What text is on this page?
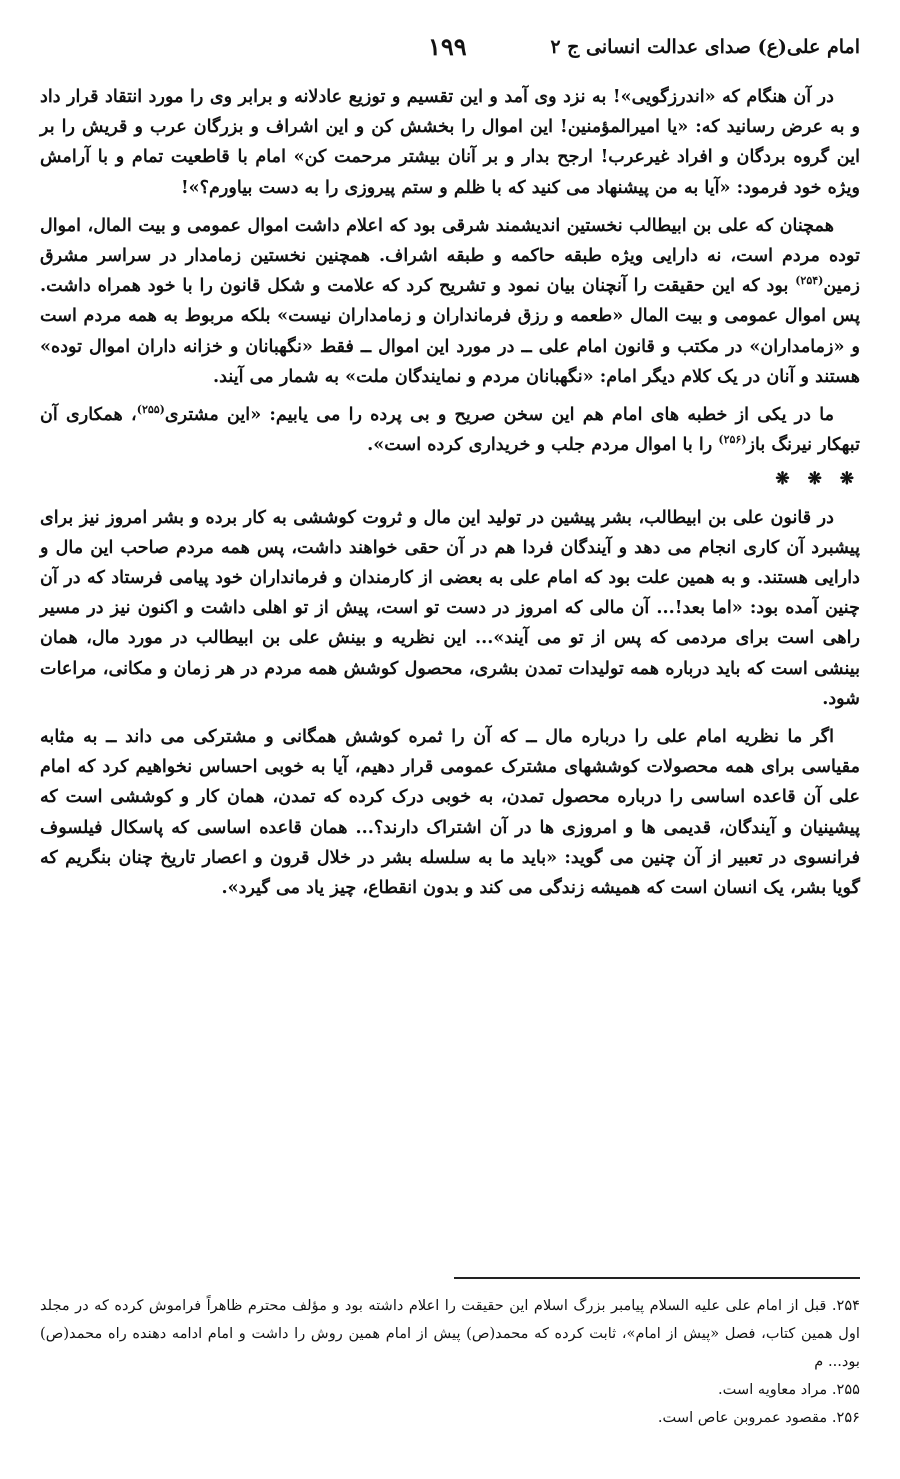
امام علی(ع) صدای عدالت انسانی ج ۲
۱۹۹

در آن هنگام که «اندرزگویی»! به نزد وی آمد و این تقسیم و توزیع عادلانه و برابر وی را مورد انتقاد قرار داد و به عرض رسانید که: «یا امیرالمؤمنین! این اموال را بخشش کن و این اشراف و بزرگان عرب و قریش را بر این گروه بردگان و افراد غیرعرب! ارجح بدار و بر آنان بیشتر مرحمت کن» امام با قاطعیت تمام و با آرامش ویژه خود فرمود: «آیا به من پیشنهاد می کنید که با ظلم و ستم پیروزی را به دست بیاورم؟»!

همچنان که علی بن ابیطالب نخستین اندیشمند شرقی بود که اعلام داشت اموال عمومی و بیت المال، اموال توده مردم است، نه دارایی ویژه طبقه حاکمه و طبقه اشراف. همچنین نخستین زمامدار در سراسر مشرق زمین$^{(۲۵۴)}$ بود که این حقیقت را آنچنان بیان نمود و تشریح کرد که علامت و شکل قانون را با خود همراه داشت. پس اموال عمومی و بیت المال «طعمه و رزق فرمانداران و زمامداران نیست» بلکه مربوط به همه مردم است و «زمامداران» در مکتب و قانون امام علی ــ در مورد این اموال ــ فقط «نگهبانان و خزانه داران اموال توده» هستند و آنان در یک کلام دیگر امام: «نگهبانان مردم و نمایندگان ملت» به شمار می آیند.

ما در یکی از خطبه های امام هم این سخن صریح و بی پرده را می یابیم: «این مشتری$^{(۲۵۵)}$، همکاری آن تبهکار نیرنگ باز$^{(۲۵۶)}$ را با اموال مردم جلب و خریداری کرده است».

❋ ❋ ❋

در قانون علی بن ابیطالب، بشر پیشین در تولید این مال و ثروت کوششی به کار برده و بشر امروز نیز برای پیشبرد آن کاری انجام می دهد و آیندگان فردا هم در آن حقی خواهند داشت، پس همه مردم صاحب این مال و دارایی هستند. و به همین علت بود که امام علی به بعضی از کارمندان و فرمانداران خود پیامی فرستاد که در آن چنین آمده بود: «اما بعد!... آن مالی که امروز در دست تو است، پیش از تو اهلی داشت و اکنون نیز در مسیر راهی است برای مردمی که پس از تو می آیند»... این نظریه و بینش علی بن ابیطالب در مورد مال، همان بینشی است که باید درباره همه تولیدات تمدن بشری، محصول کوشش همه مردم در هر زمان و مکانی، مراعات شود.

اگر ما نظریه امام علی را درباره مال ــ که آن را ثمره کوشش همگانی و مشترکی می داند ــ به مثابه مقیاسی برای همه محصولات کوششهای مشترک عمومی قرار دهیم، آیا به خوبی احساس نخواهیم کرد که امام علی آن قاعده اساسی را درباره محصول تمدن، به خوبی درک کرده که تمدن، همان کار و کوششی است که پیشینیان و آیندگان، قدیمی ها و امروزی ها در آن اشتراک دارند؟... همان قاعده اساسی که پاسکال فیلسوف فرانسوی در تعبیر از آن چنین می گوید: «باید ما به سلسله بشر در خلال قرون و اعصار تاریخ چنان بنگریم که گویا بشر، یک انسان است که همیشه زندگی می کند و بدون انقطاع، چیز یاد می گیرد».

۲۵۴. قبل از امام علی علیه السلام پیامبر بزرگ اسلام این حقیقت را اعلام داشته بود و مؤلف محترم ظاهراً فراموش کرده که در مجلد اول همین کتاب، فصل «پیش از امام»، ثابت کرده که محمد(ص) پیش از امام همین روش را داشت و امام ادامه دهنده راه محمد(ص) بود... م

۲۵۵. مراد معاویه است.

۲۵۶. مقصود عمروبن عاص است.
